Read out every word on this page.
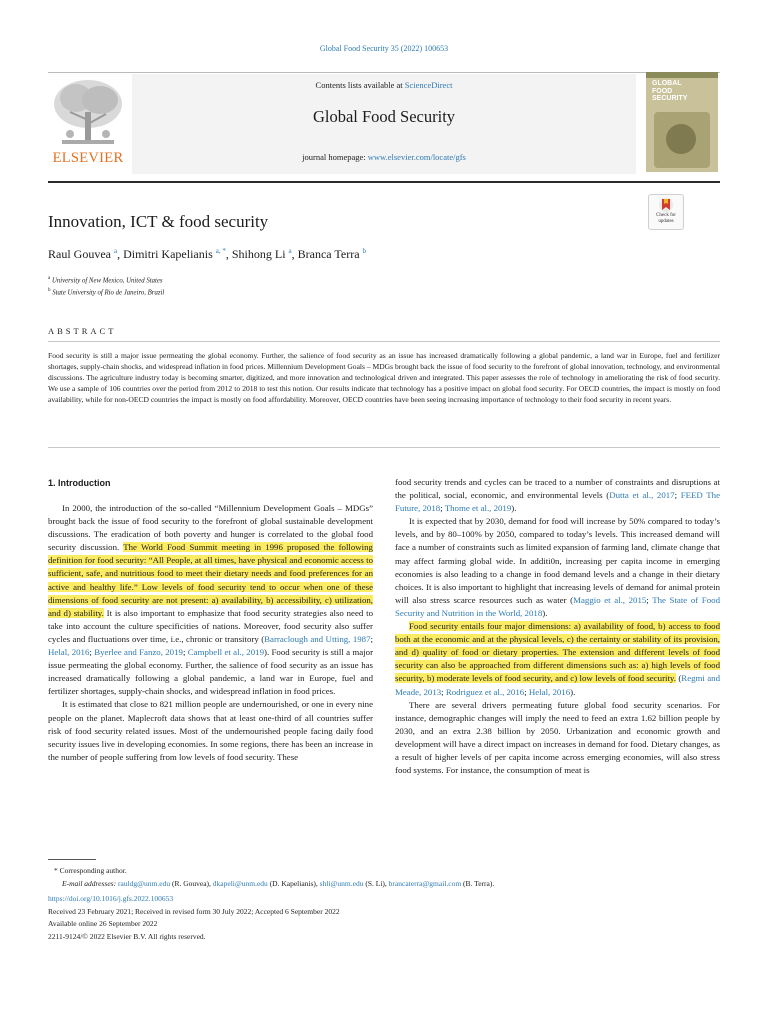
Global Food Security 35 (2022) 100653
ELSEVIER
Contents lists available at ScienceDirect
Global Food Security
journal homepage: www.elsevier.com/locate/gfs
GLOBAL
FOOD
SECURITY
Check for
updates
Innovation, ICT & food security
Raul Gouvea $^a$, Dimitri Kapelianis $^{a, *}$, Shihong Li $^a$, Branca Terra $^b$
$^a$ University of New Mexico, United States
$^b$ State University of Rio de Janeiro, Brazil
ABSTRACT
Food security is still a major issue permeating the global economy. Further, the salience of food security as an issue has increased dramatically following a global pandemic, a land war in Europe, fuel and fertilizer shortages, supply-chain shocks, and widespread inflation in food prices. Millennium Development Goals – MDGs brought back the issue of food security to the forefront of global innovation, technology, and environmental discussions. The agriculture industry today is becoming smarter, digitized, and more innovation and technological driven and integrated. This paper assesses the role of technology in ameliorating the risk of food security. We use a sample of 106 countries over the period from 2012 to 2018 to test this notion. Our results indicate that technology has a positive impact on global food security. For OECD countries, the impact is mostly on food availability, while for non-OECD countries the impact is mostly on food affordability. Moreover, OECD countries have been seeing increasing importance of technology to their food security in recent years.
1. Introduction

In 2000, the introduction of the so-called “Millennium Development Goals – MDGs” brought back the issue of food security to the forefront of global sustainable development discussions. The eradication of both poverty and hunger is correlated to the global food security discussion. The World Food Summit meeting in 1996 proposed the following definition for food security: “All People, at all times, have physical and economic access to sufficient, safe, and nutritious food to meet their dietary needs and food preferences for an active and healthy life.” Low levels of food security tend to occur when one of these dimensions of food security are not present: a) availability, b) accessibility, c) utilization, and d) stability. It is also important to emphasize that food security strategies also need to take into account the culture specificities of nations. Moreover, food security also suffer cycles and fluctuations over time, i.e., chronic or transitory (Barraclough and Utting, 1987; Helal, 2016; Byerlee and Fanzo, 2019; Campbell et al., 2019). Food security is still a major issue permeating the global economy. Further, the salience of food security as an issue has increased dramatically following a global pandemic, a land war in Europe, fuel and fertilizer shortages, supply-chain shocks, and widespread inflation in food prices.

It is estimated that close to 821 million people are undernourished, or one in every nine people on the planet. Maplecroft data shows that at least one-third of all countries suffer risk of food security related issues. Most of the undernourished people facing daily food security issues live in developing economies. In some regions, there has been an increase in the number of people suffering from low levels of food security. These

food security trends and cycles can be traced to a number of constraints and disruptions at the political, social, economic, and environmental levels (Dutta et al., 2017; FEED The Future, 2018; Thome et al., 2019).

It is expected that by 2030, demand for food will increase by 50% compared to today’s levels, and by 80–100% by 2050, compared to today’s levels. This increased demand will face a number of constraints such as limited expansion of farming land, climate change that may affect farming global wide. In additi0n, increasing per capita income in emerging economies is also leading to a change in food demand levels and a change in their dietary choices. It is also important to highlight that increasing levels of demand for animal protein will also stress scarce resources such as water (Maggio et al., 2015; The State of Food Security and Nutrition in the World, 2018).

Food security entails four major dimensions: a) availability of food, b) access to food both at the economic and at the physical levels, c) the certainty or stability of its provision, and d) quality of food or dietary properties. The extension and different levels of food security can also be approached from different dimensions such as: a) high levels of food security, b) moderate levels of food security, and c) low levels of food security. (Regmi and Meade, 2013; Rodriguez et al., 2016; Helal, 2016).

There are several drivers permeating future global food security scenarios. For instance, demographic changes will imply the need to feed an extra 1.62 billion people by 2030, and an extra 2.38 billion by 2050. Urbanization and economic growth and development will have a direct impact on increases in demand for food. Dietary changes, as a result of higher levels of per capita income across emerging economies, will also stress food systems. For instance, the consumption of meat is

* Corresponding author.
E-mail addresses: rauldg@unm.edu (R. Gouvea), dkapeli@unm.edu (D. Kapelianis), shli@unm.edu (S. Li), brancaterra@gmail.com (B. Terra).
https://doi.org/10.1016/j.gfs.2022.100653
Received 23 February 2021; Received in revised form 30 July 2022; Accepted 6 September 2022
Available online 26 September 2022
2211-9124/© 2022 Elsevier B.V. All rights reserved.
